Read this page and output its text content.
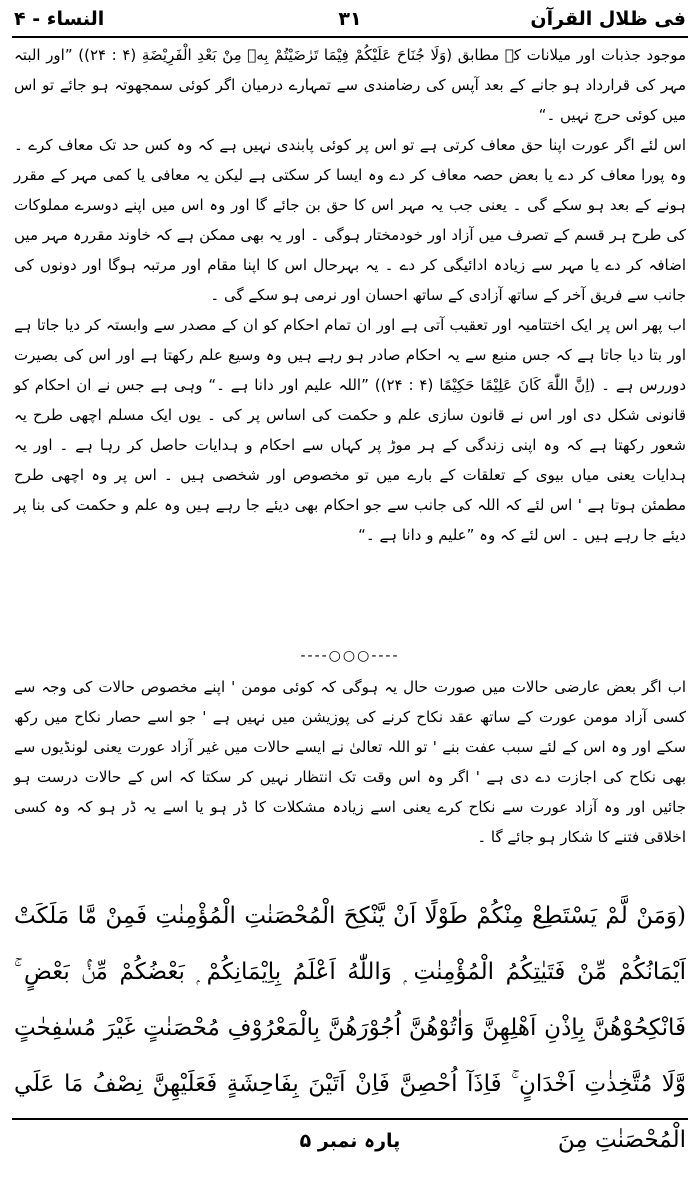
فی ظلال القرآن
۳۱
النساء - ۴

موجود جذبات اور میلانات کے مطابق (وَلَا جُنَاحَ عَلَیْکُمْ فِیْمَا تَرٰضَیْتُمْ بِهٖ مِنْ بَعْدِ الْفَرِیْضَةِ (۴ : ۲۴)) ”اور البتہ مہر کی قرارداد ہو جانے کے بعد آپس کی رضامندی سے تمہارے درمیان اگر کوئی سمجھوتہ ہو جائے تو اس میں کوئی حرج نہیں ۔“

اس لئے اگر عورت اپنا حق معاف کرتی ہے تو اس پر کوئی پابندی نہیں ہے کہ وہ کس حد تک معاف کرے ۔ وہ پورا معاف کر دے یا بعض حصہ معاف کر دے وہ ایسا کر سکتی ہے لیکن یہ معافی یا کمی مہر کے مقرر ہونے کے بعد ہو سکے گی ۔ یعنی جب یہ مہر اس کا حق بن جائے گا اور وہ اس میں اپنے دوسرے مملوکات کی طرح ہر قسم کے تصرف میں آزاد اور خودمختار ہوگی ۔ اور یہ بھی ممکن ہے کہ خاوند مقررہ مہر میں اضافہ کر دے یا مہر سے زیادہ ادائیگی کر دے ۔ یہ بہرحال اس کا اپنا مقام اور مرتبہ ہوگا اور دونوں کی جانب سے فریق آخر کے ساتھ آزادی کے ساتھ احسان اور نرمی ہو سکے گی ۔

اب پھر اس پر ایک اختتامیہ اور تعقیب آتی ہے اور ان تمام احکام کو ان کے مصدر سے وابستہ کر دیا جاتا ہے اور بتا دیا جاتا ہے کہ جس منبع سے یہ احکام صادر ہو رہے ہیں وہ وسیع علم رکھتا ہے اور اس کی بصیرت دوررس ہے ۔ (اِنَّ اللّٰهَ کَانَ عَلِیْمًا حَکِیْمًا (۴ : ۲۴)) ”اللہ علیم اور دانا ہے ۔“ وہی ہے جس نے ان احکام کو قانونی شکل دی اور اس نے قانون سازی علم و حکمت کی اساس پر کی ۔ یوں ایک مسلم اچھی طرح یہ شعور رکھتا ہے کہ وہ اپنی زندگی کے ہر موڑ پر کہاں سے احکام و ہدایات حاصل کر رہا ہے ۔ اور یہ ہدایات یعنی میاں بیوی کے تعلقات کے بارے میں تو مخصوص اور شخصی ہیں ۔ اس پر وہ اچھی طرح مطمئن ہوتا ہے ' اس لئے کہ اللہ کی جانب سے جو احکام بھی دیئے جا رہے ہیں وہ علم و حکمت کی بنا پر دیئے جا رہے ہیں ۔ اس لئے کہ وہ ”علیم و دانا ہے ۔“

----○○○----

اب اگر بعض عارضی حالات میں صورت حال یہ ہوگی کہ کوئی مومن ' اپنے مخصوص حالات کی وجہ سے کسی آزاد مومن عورت کے ساتھ عقد نکاح کرنے کی پوزیشن میں نہیں ہے ' جو اسے حصار نکاح میں رکھ سکے اور وہ اس کے لئے سبب عفت بنے ' تو اللہ تعالیٰ نے ایسے حالات میں غیر آزاد عورت یعنی لونڈیوں سے بھی نکاح کی اجازت دے دی ہے ' اگر وہ اس وقت تک انتظار نہیں کر سکتا کہ اس کے حالات درست ہو جائیں اور وہ آزاد عورت سے نکاح کرے یعنی اسے زیادہ مشکلات کا ڈر ہو یا اسے یہ ڈر ہو کہ وہ کسی اخلاقی فتنے کا شکار ہو جائے گا ۔

(وَمَنْ لَّمْ يَسْتَطِعْ مِنْكُمْ طَوْلًا اَنْ يَّنْكِحَ الْمُحْصَنٰتِ الْمُؤْمِنٰتِ فَمِنْ مَّا مَلَكَتْ اَيْمَانُكُمْ مِّنْ فَتَيٰتِكُمُ الْمُؤْمِنٰتِ ۭ وَاللّٰهُ اَعْلَمُ بِاِيْمَانِكُمْ ۭ بَعْضُكُمْ مِّنْۢ بَعْضٍ ۚ فَانْكِحُوْھُنَّ بِاِذْنِ اَھْلِهِنَّ وَاٰتُوْھُنَّ اُجُوْرَھُنَّ بِالْمَعْرُوْفِ مُحْصَنٰتٍ غَيْرَ مُسٰفِحٰتٍ وَّلَا مُتَّخِذٰتِ اَخْدَانٍ ۚ فَاِذَآ اُحْصِنَّ فَاِنْ اَتَيْنَ بِفَاحِشَةٍ فَعَلَيْهِنَّ نِصْفُ مَا عَلَي الْمُحْصَنٰتِ مِنَ
پارہ نمبر ۵
